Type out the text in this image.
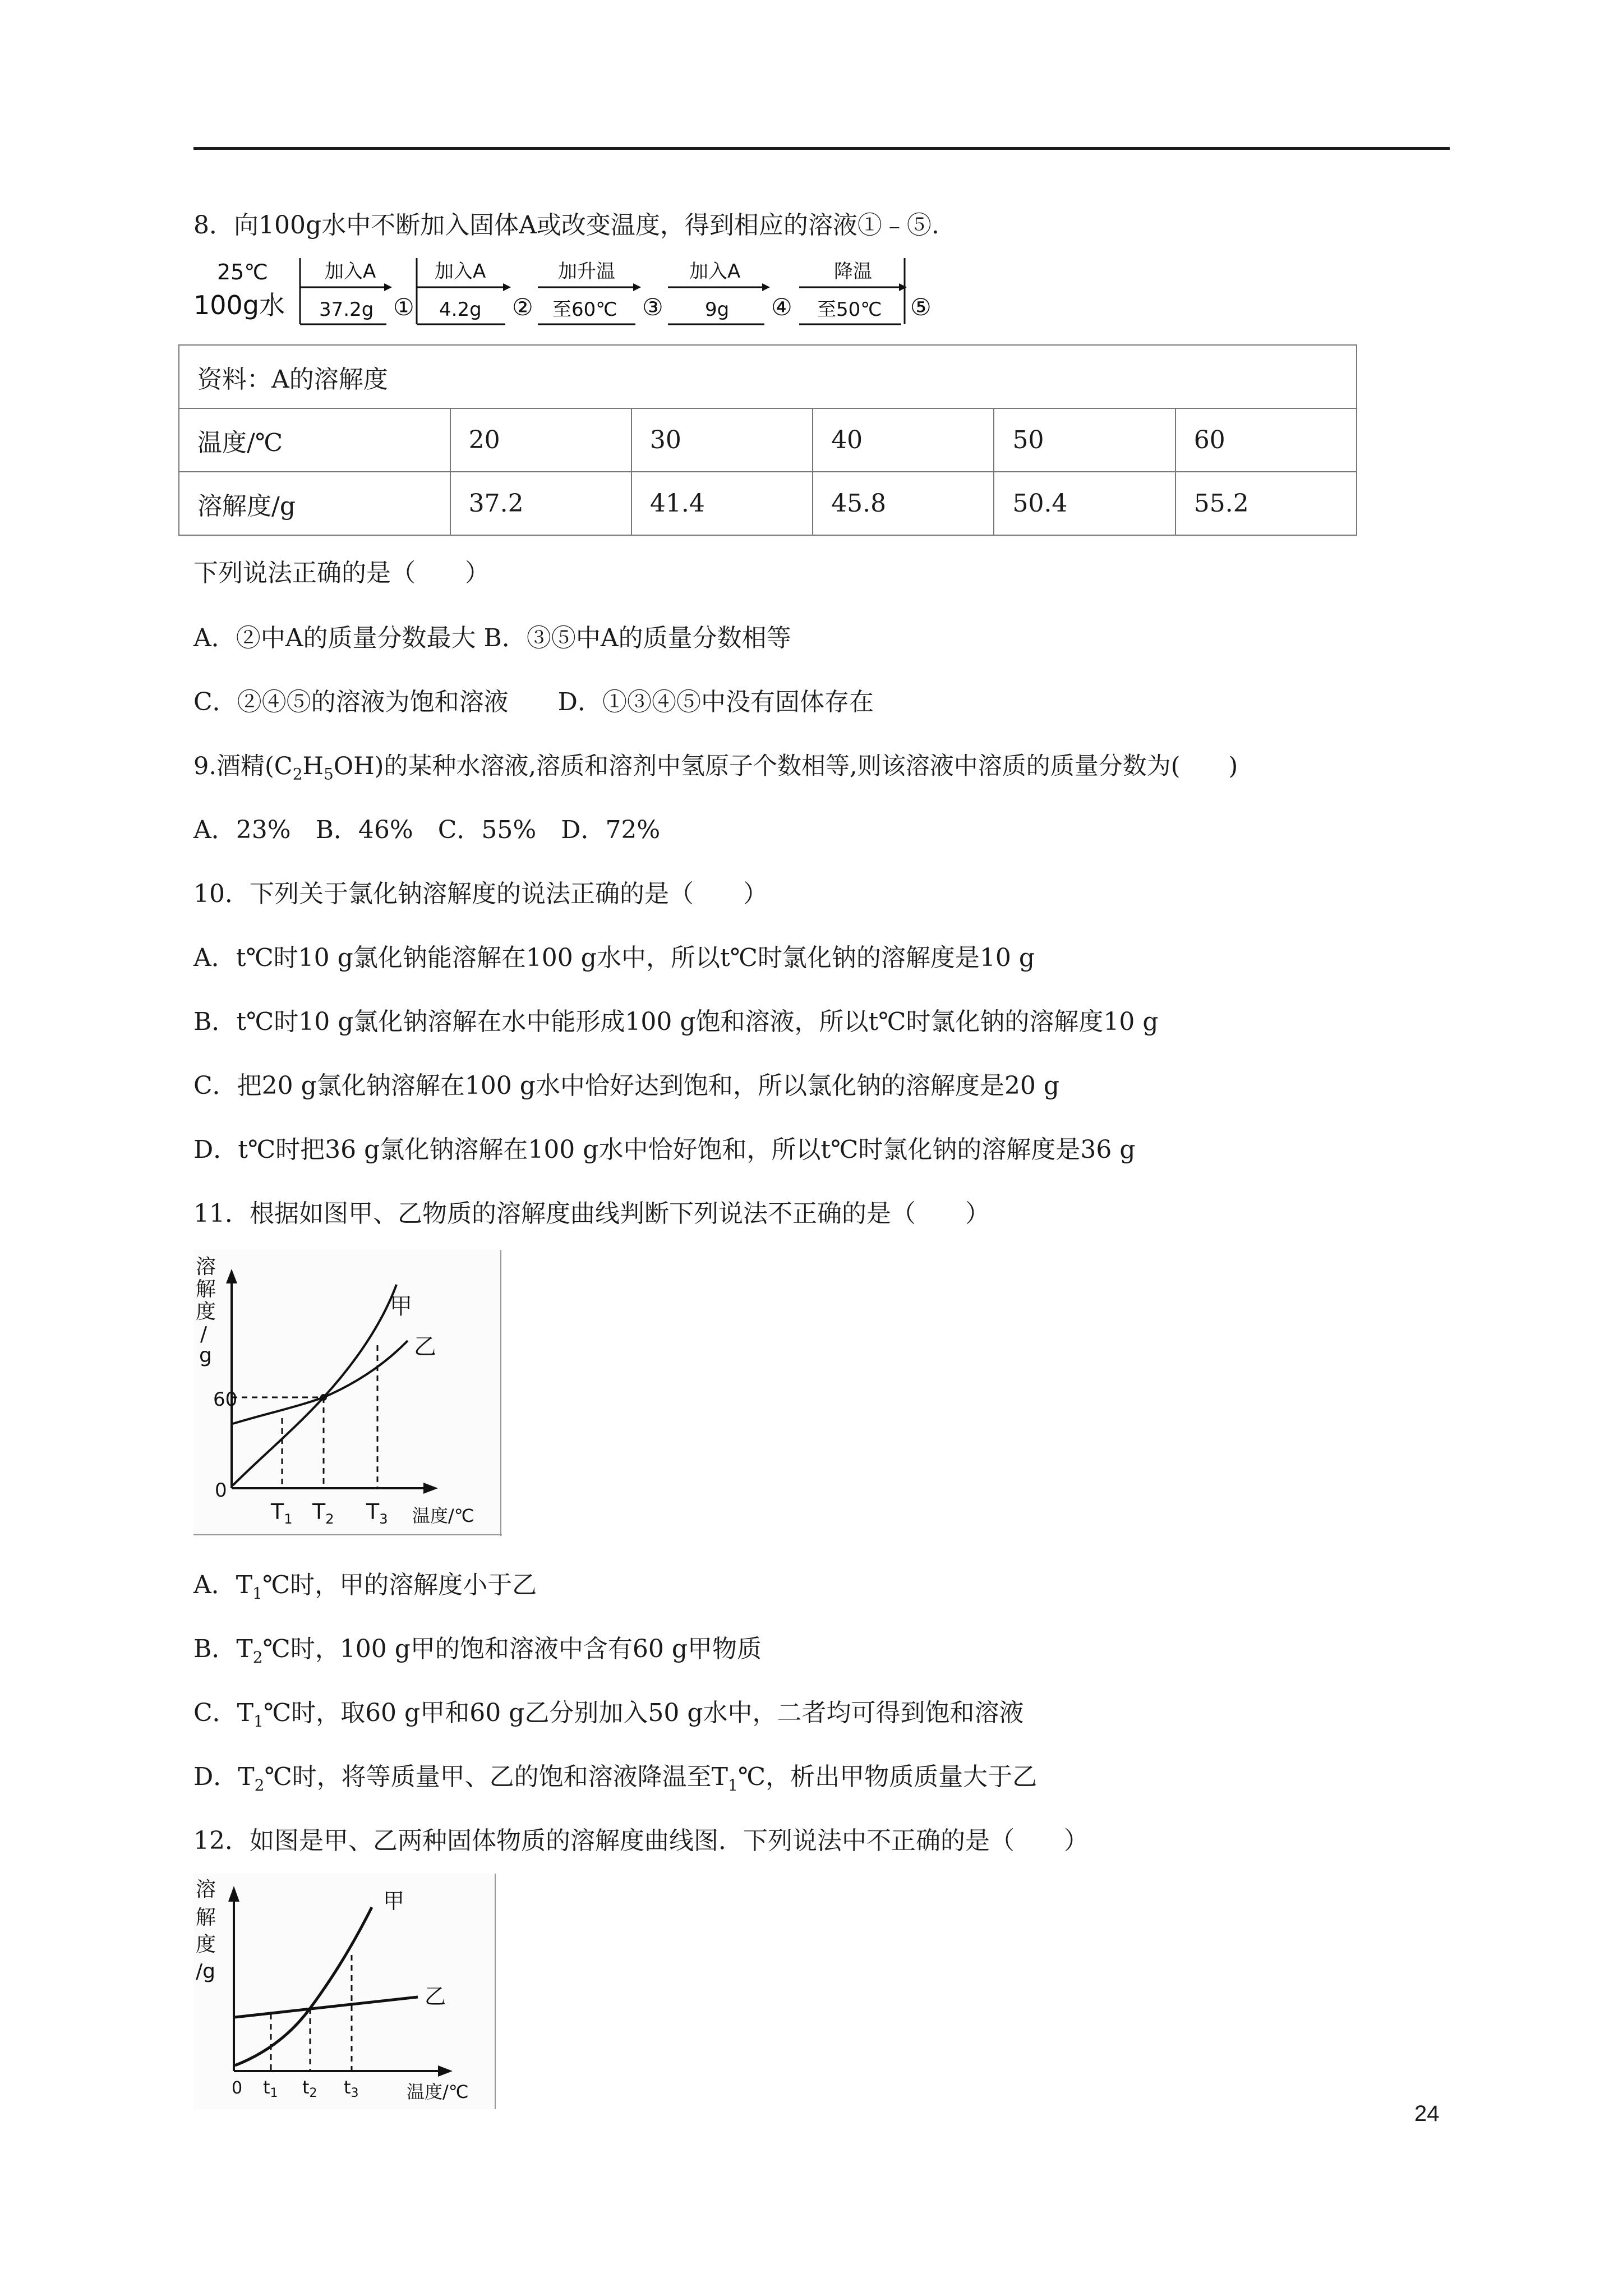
8．向100g水中不断加入固体A或改变温度，得到相应的溶液①﹣⑤.
25℃
100g水
加入A
37.2g ①
加入A
4.2g ②
加升温
至60℃ ③
加入A
9g ④
降温
至50℃ ⑤
资料：A的溶解度					
温度/℃	20	30	40	50	60
溶解度/g	37.2	41.4	45.8	50.4	55.2
下列说法正确的是（　　）
A．②中A的质量分数最大 B．③⑤中A的质量分数相等
C．②④⑤的溶液为饱和溶液　　D．①③④⑤中没有固体存在
9.酒精$(C_2H_5OH)$的某种水溶液,溶质和溶剂中氢原子个数相等,则该溶液中溶质的质量分数为(　　)
A．23%　B．46%　C．55%　D．72%
10．下列关于氯化钠溶解度的说法正确的是（　　）
A．t℃时10 g氯化钠能溶解在100 g水中，所以t℃时氯化钠的溶解度是10 g
B．t℃时10 g氯化钠溶解在水中能形成100 g饱和溶液，所以t℃时氯化钠的溶解度10 g
C．把20 g氯化钠溶解在100 g水中恰好达到饱和，所以氯化钠的溶解度是20 g
D．t℃时把36 g氯化钠溶解在100 g水中恰好饱和，所以t℃时氯化钠的溶解度是36 g
11．根据如图甲、乙物质的溶解度曲线判断下列说法不正确的是（　　）
溶
解
度
/
g
甲
乙
60
0
$T_1$ $T_2$ $T_3$ 温度/℃
A．$T_1℃$时，甲的溶解度小于乙
B．$T_2℃$时，100 g甲的饱和溶液中含有60 g甲物质
C．$T_1℃$时，取60 g甲和60 g乙分别加入50 g水中，二者均可得到饱和溶液
D．$T_2℃$时，将等质量甲、乙的饱和溶液降温至$T_1℃$，析出甲物质质量大于乙
12．如图是甲、乙两种固体物质的溶解度曲线图．下列说法中不正确的是（　　）
溶
解
度
/g
甲
乙
0 t1 t2 t3	温度/℃
24
